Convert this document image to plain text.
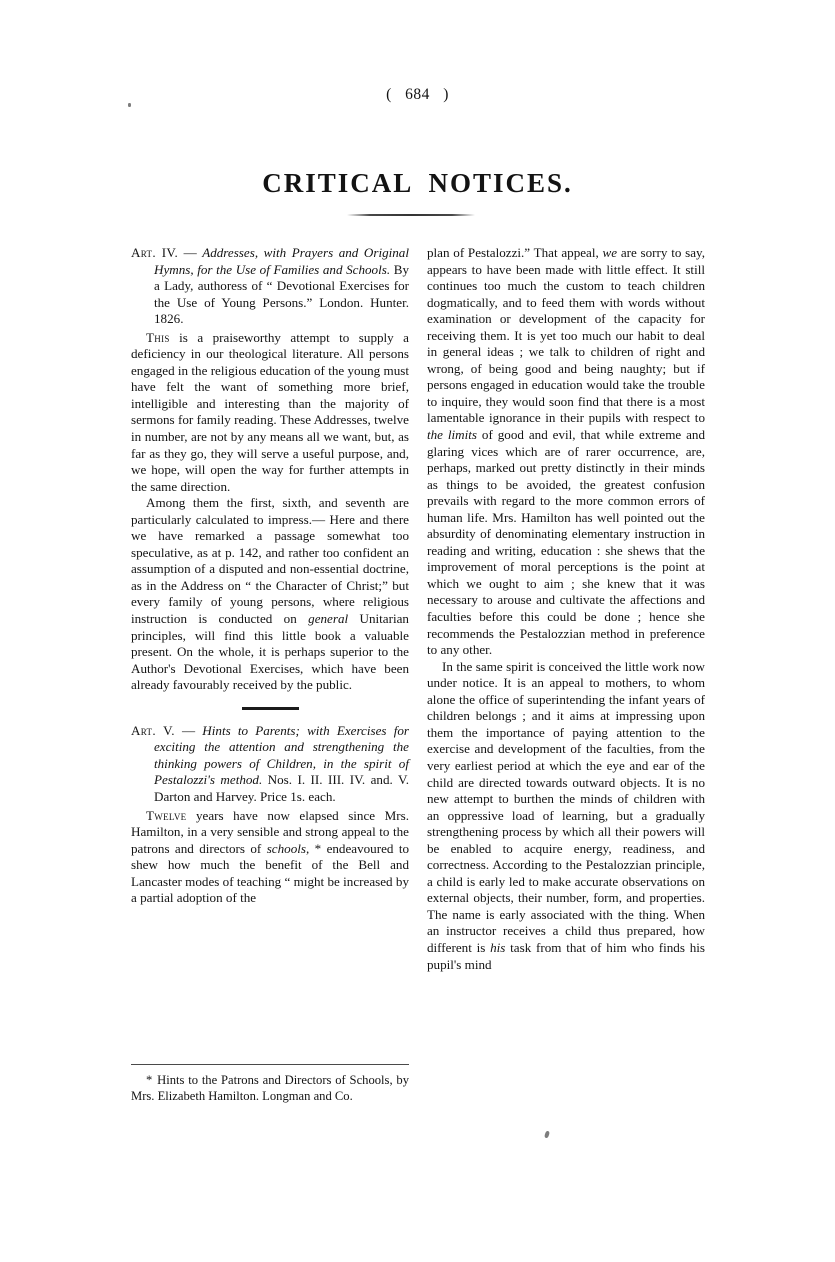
( 684 )
CRITICAL NOTICES.
Art. IV. — Addresses, with Prayers and Original Hymns, for the Use of Families and Schools. By a Lady, authoress of “ Devotional Exercises for the Use of Young Persons.” London. Hunter. 1826.

This is a praiseworthy attempt to supply a deficiency in our theological literature. All persons engaged in the religious education of the young must have felt the want of something more brief, intelligible and interesting than the majority of sermons for family reading. These Addresses, twelve in number, are not by any means all we want, but, as far as they go, they will serve a useful purpose, and, we hope, will open the way for further attempts in the same direction.

Among them the first, sixth, and seventh are particularly calculated to impress.— Here and there we have remarked a passage somewhat too speculative, as at p. 142, and rather too confident an assumption of a disputed and non-essential doctrine, as in the Address on “ the Character of Christ;” but every family of young persons, where religious instruction is conducted on general Unitarian principles, will find this little book a valuable present. On the whole, it is perhaps superior to the Author's Devotional Exercises, which have been already favourably received by the public.

Art. V. — Hints to Parents; with Exercises for exciting the attention and strengthening the thinking powers of Children, in the spirit of Pestalozzi's method. Nos. I. II. III. IV. and. V. Darton and Harvey. Price 1s. each.

Twelve years have now elapsed since Mrs. Hamilton, in a very sensible and strong appeal to the patrons and directors of schools, * endeavoured to shew how much the benefit of the Bell and Lancaster modes of teaching “ might be increased by a partial adoption of the

* Hints to the Patrons and Directors of Schools, by Mrs. Elizabeth Hamilton. Longman and Co.

plan of Pestalozzi.” That appeal, we are sorry to say, appears to have been made with little effect. It still continues too much the custom to teach children dogmatically, and to feed them with words without examination or development of the capacity for receiving them. It is yet too much our habit to deal in general ideas ; we talk to children of right and wrong, of being good and being naughty; but if persons engaged in education would take the trouble to inquire, they would soon find that there is a most lamentable ignorance in their pupils with respect to the limits of good and evil, that while extreme and glaring vices which are of rarer occurrence, are, perhaps, marked out pretty distinctly in their minds as things to be avoided, the greatest confusion prevails with regard to the more common errors of human life. Mrs. Hamilton has well pointed out the absurdity of denominating elementary instruction in reading and writing, education : she shews that the improvement of moral perceptions is the point at which we ought to aim ; she knew that it was necessary to arouse and cultivate the affections and faculties before this could be done ; hence she recommends the Pestalozzian method in preference to any other.

In the same spirit is conceived the little work now under notice. It is an appeal to mothers, to whom alone the office of superintending the infant years of children belongs ; and it aims at impressing upon them the importance of paying attention to the exercise and development of the faculties, from the very earliest period at which the eye and ear of the child are directed towards outward objects. It is no new attempt to burthen the minds of children with an oppressive load of learning, but a gradually strengthening process by which all their powers will be enabled to acquire energy, readiness, and correctness. According to the Pestalozzian principle, a child is early led to make accurate observations on external objects, their number, form, and properties. The name is early associated with the thing. When an instructor receives a child thus prepared, how different is his task from that of him who finds his pupil's mind
